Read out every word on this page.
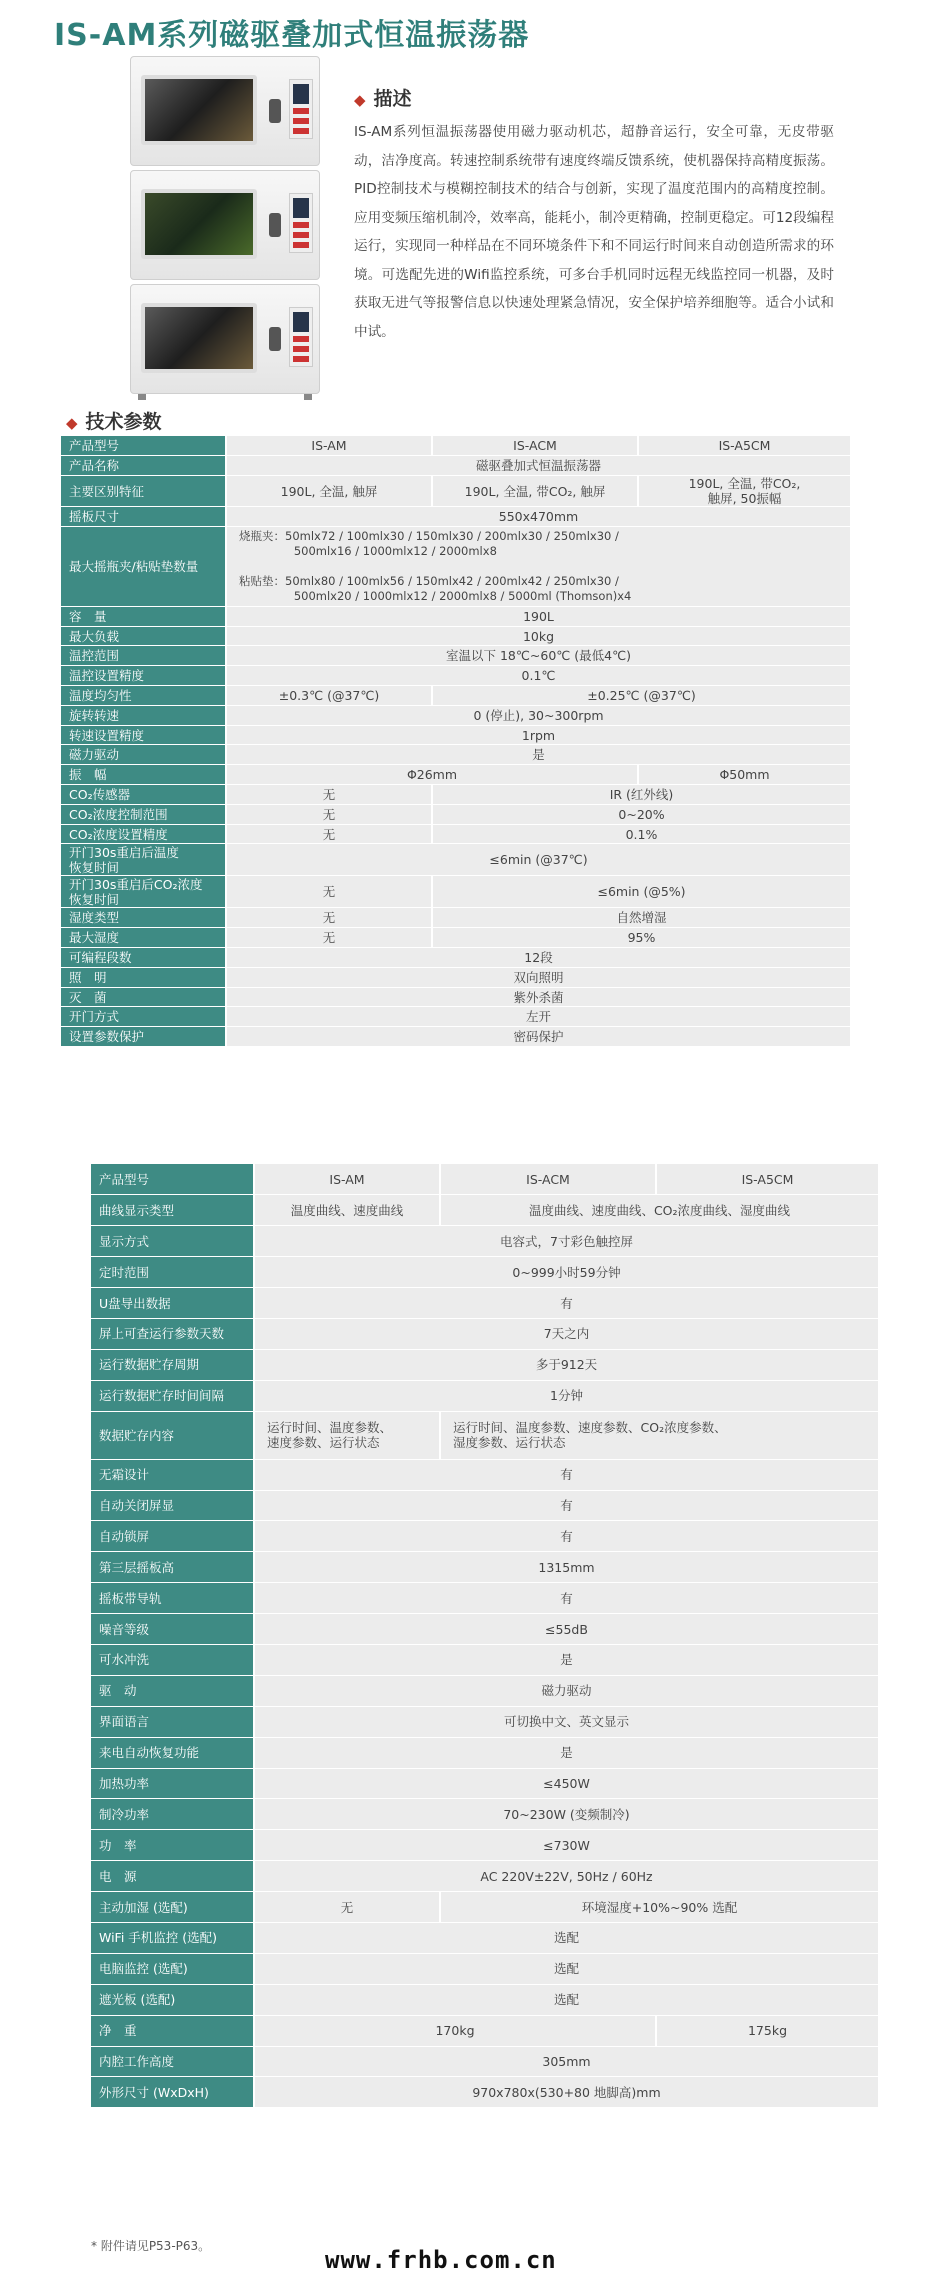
IS-AM系列磁驱叠加式恒温振荡器
◆ 描述
IS-AM系列恒温振荡器使用磁力驱动机芯，超静音运行，安全可靠，无皮带驱动，洁净度高。转速控制系统带有速度终端反馈系统，使机器保持高精度振荡。PID控制技术与模糊控制技术的结合与创新，实现了温度范围内的高精度控制。应用变频压缩机制冷，效率高，能耗小，制冷更精确，控制更稳定。可12段编程运行，实现同一种样品在不同环境条件下和不同运行时间来自动创造所需求的环境。可选配先进的Wifi监控系统，可多台手机同时远程无线监控同一机器，及时获取无进气等报警信息以快速处理紧急情况，安全保护培养细胞等。适合小试和中试。
◆ 技术参数
产品型号	IS-AM	IS-ACM	IS-A5CM
产品名称	磁驱叠加式恒温振荡器		
主要区别特征	190L, 全温, 触屏	190L, 全温, 带CO₂, 触屏	190L, 全温, 带CO₂,
触屏, 50振幅
摇板尺寸	550x470mm		
最大摇瓶夹/粘贴垫数量	烧瓶夹：50mlx72 / 100mlx30 / 150mlx30 / 200mlx30 / 250mlx30 /
500mlx16 / 1000mlx12 / 2000mlx8

粘贴垫：50mlx80 / 100mlx56 / 150mlx42 / 200mlx42 / 250mlx30 /
500mlx20 / 1000mlx12 / 2000mlx8 / 5000ml (Thomson)x4		
容　量	190L		
最大负载	10kg		
温控范围	室温以下 18℃~60℃ (最低4℃)		
温控设置精度	0.1℃		
温度均匀性	±0.3℃ (@37℃)	±0.25℃ (@37℃)	
旋转转速	0 (停止), 30~300rpm		
转速设置精度	1rpm		
磁力驱动	是		
振　幅	Φ26mm		Φ50mm
CO₂传感器	无	IR (红外线)	
CO₂浓度控制范围	无	0~20%	
CO₂浓度设置精度	无	0.1%	
开门30s重启后温度
恢复时间	≤6min (@37℃)		
开门30s重启后CO₂浓度
恢复时间	无	≤6min (@5%)	
湿度类型	无	自然增湿	
最大湿度	无	95%	
可编程段数	12段		
照　明	双向照明		
灭　菌	紫外杀菌		
开门方式	左开		
设置参数保护	密码保护		
产品型号	IS-AM	IS-ACM	IS-A5CM
曲线显示类型	温度曲线、速度曲线	温度曲线、速度曲线、CO₂浓度曲线、湿度曲线	
显示方式	电容式，7寸彩色触控屏		
定时范围	0~999小时59分钟		
U盘导出数据	有		
屏上可查运行参数天数	7天之内		
运行数据贮存周期	多于912天		
运行数据贮存时间间隔	1分钟		
数据贮存内容	运行时间、温度参数、
速度参数、运行状态	运行时间、温度参数、速度参数、CO₂浓度参数、
湿度参数、运行状态	
无霜设计	有		
自动关闭屏显	有		
自动锁屏	有		
第三层摇板高	1315mm		
摇板带导轨	有		
噪音等级	≤55dB		
可水冲洗	是		
驱　动	磁力驱动		
界面语言	可切换中文、英文显示		
来电自动恢复功能	是		
加热功率	≤450W		
制冷功率	70~230W (变频制冷)		
功　率	≤730W		
电　源	AC 220V±22V, 50Hz / 60Hz		
主动加湿 (选配)	无	环境湿度+10%~90% 选配	
WiFi 手机监控 (选配)	选配		
电脑监控 (选配)	选配		
遮光板 (选配)	选配		
净　重	170kg		175kg
内腔工作高度	305mm		
外形尺寸 (WxDxH)	970x780x(530+80 地脚高)mm		
* 附件请见P53-P63。	www.frhb.com.cn
